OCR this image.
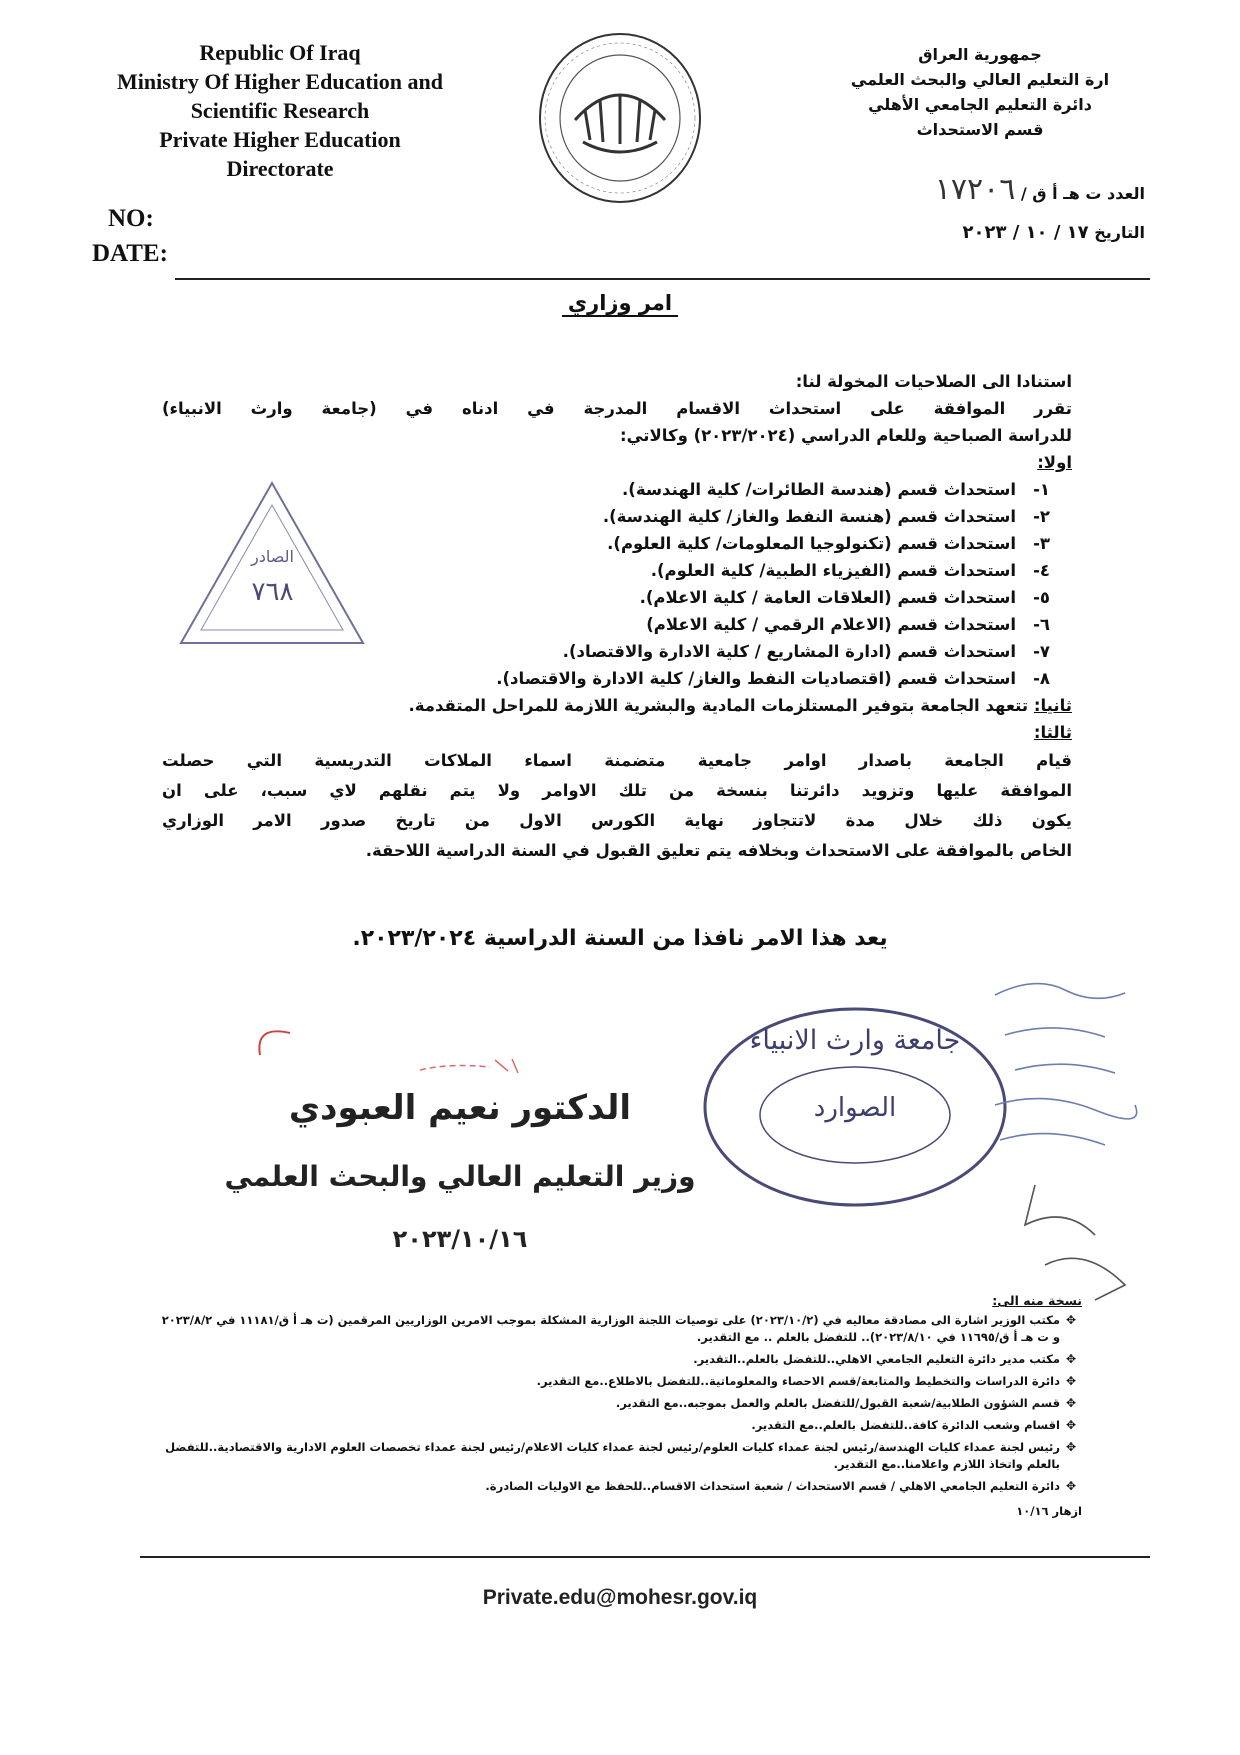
Republic Of Iraq
Ministry Of Higher Education and
Scientific Research
Private Higher Education
Directorate
NO:
DATE:
جمهورية العراق
ارة التعليم العالي والبحث العلمي
دائرة التعليم الجامعي الأهلي
قسم الاستحداث
العدد ت هـ أ ق / ١٧٢٠٦
التاريخ ١٧ / ١٠ / ٢٠٢٣
امر وزاري
الصادر
٧٦٨
استنادا الى الصلاحيات المخولة لنا:
تقرر الموافقة على استحداث الاقسام المدرجة في ادناه في (جامعة وارث الانبياء)
للدراسة الصباحية وللعام الدراسي (٢٠٢٣/٢٠٢٤) وكالاتي:
اولا:
١-استحداث قسم (هندسة الطائرات/ كلية الهندسة).
٢-استحداث قسم (هنسة النفط والغاز/ كلية الهندسة).
٣-استحداث قسم (تكنولوجيا المعلومات/ كلية العلوم).
٤-استحداث قسم (الفيزياء الطبية/ كلية العلوم).
٥-استحداث قسم (العلاقات العامة / كلية الاعلام).
٦-استحداث قسم (الاعلام الرقمي / كلية الاعلام)
٧-استحداث قسم (ادارة المشاريع / كلية الادارة والاقتصاد).
٨-استحداث قسم (اقتصاديات النفط والغاز/ كلية الادارة والاقتصاد).
ثانيا: تتعهد الجامعة بتوفير المستلزمات المادية والبشرية اللازمة للمراحل المتقدمة.
ثالثا:
قيام الجامعة باصدار اوامر جامعية متضمنة اسماء الملاكات التدريسية التي حصلت
الموافقة عليها وتزويد دائرتنا بنسخة من تلك الاوامر ولا يتم نقلهم لاي سبب، على ان
يكون ذلك خلال مدة لاتتجاوز نهاية الكورس الاول من تاريخ صدور الامر الوزاري
الخاص بالموافقة على الاستحداث وبخلافه يتم تعليق القبول في السنة الدراسية اللاحقة.
يعد هذا الامر نافذا من السنة الدراسية ٢٠٢٣/٢٠٢٤.
الدكتور نعيم العبودي
وزير التعليم العالي والبحث العلمي
٢٠٢٣/١٠/١٦
جامعة وارث الانبياء
الصوارد
نسخة منه الى:
✥
مكتب الوزير اشارة الى مصادقة معاليه في (٢٠٢٣/١٠/٢) على توصيات اللجنة الوزارية المشكلة بموجب الامرين الوزاريين المرقمين (ت هـ أ ق/١١١٨١ في ٢٠٢٣/٨/٢ و ت هـ أ ق/١١٦٩٥ في ٢٠٢٣/٨/١٠).. للتفضل بالعلم .. مع التقدير.
✥
مكتب مدير دائرة التعليم الجامعي الاهلي..للتفضل بالعلم..التقدير.
✥
دائرة الدراسات والتخطيط والمتابعة/قسم الاحصاء والمعلوماتية..للتفضل بالاطلاع..مع التقدير.
✥
قسم الشؤون الطلابية/شعبة القبول/للتفضل بالعلم والعمل بموجبه..مع التقدير.
✥
اقسام وشعب الدائرة كافة..للتفضل بالعلم..مع التقدير.
✥
رئيس لجنة عمداء كليات الهندسة/رئيس لجنة عمداء كليات العلوم/رئيس لجنة عمداء كليات الاعلام/رئيس لجنة عمداء تخصصات العلوم الادارية والاقتصادية..للتفضل بالعلم واتخاذ اللازم واعلامنا..مع التقدير.
✥
دائرة التعليم الجامعي الاهلي / قسم الاستحداث / شعبة استحداث الاقسام..للحفظ مع الاوليات الصادرة.
ازهار ١٠/١٦
Private.edu@mohesr.gov.iq
